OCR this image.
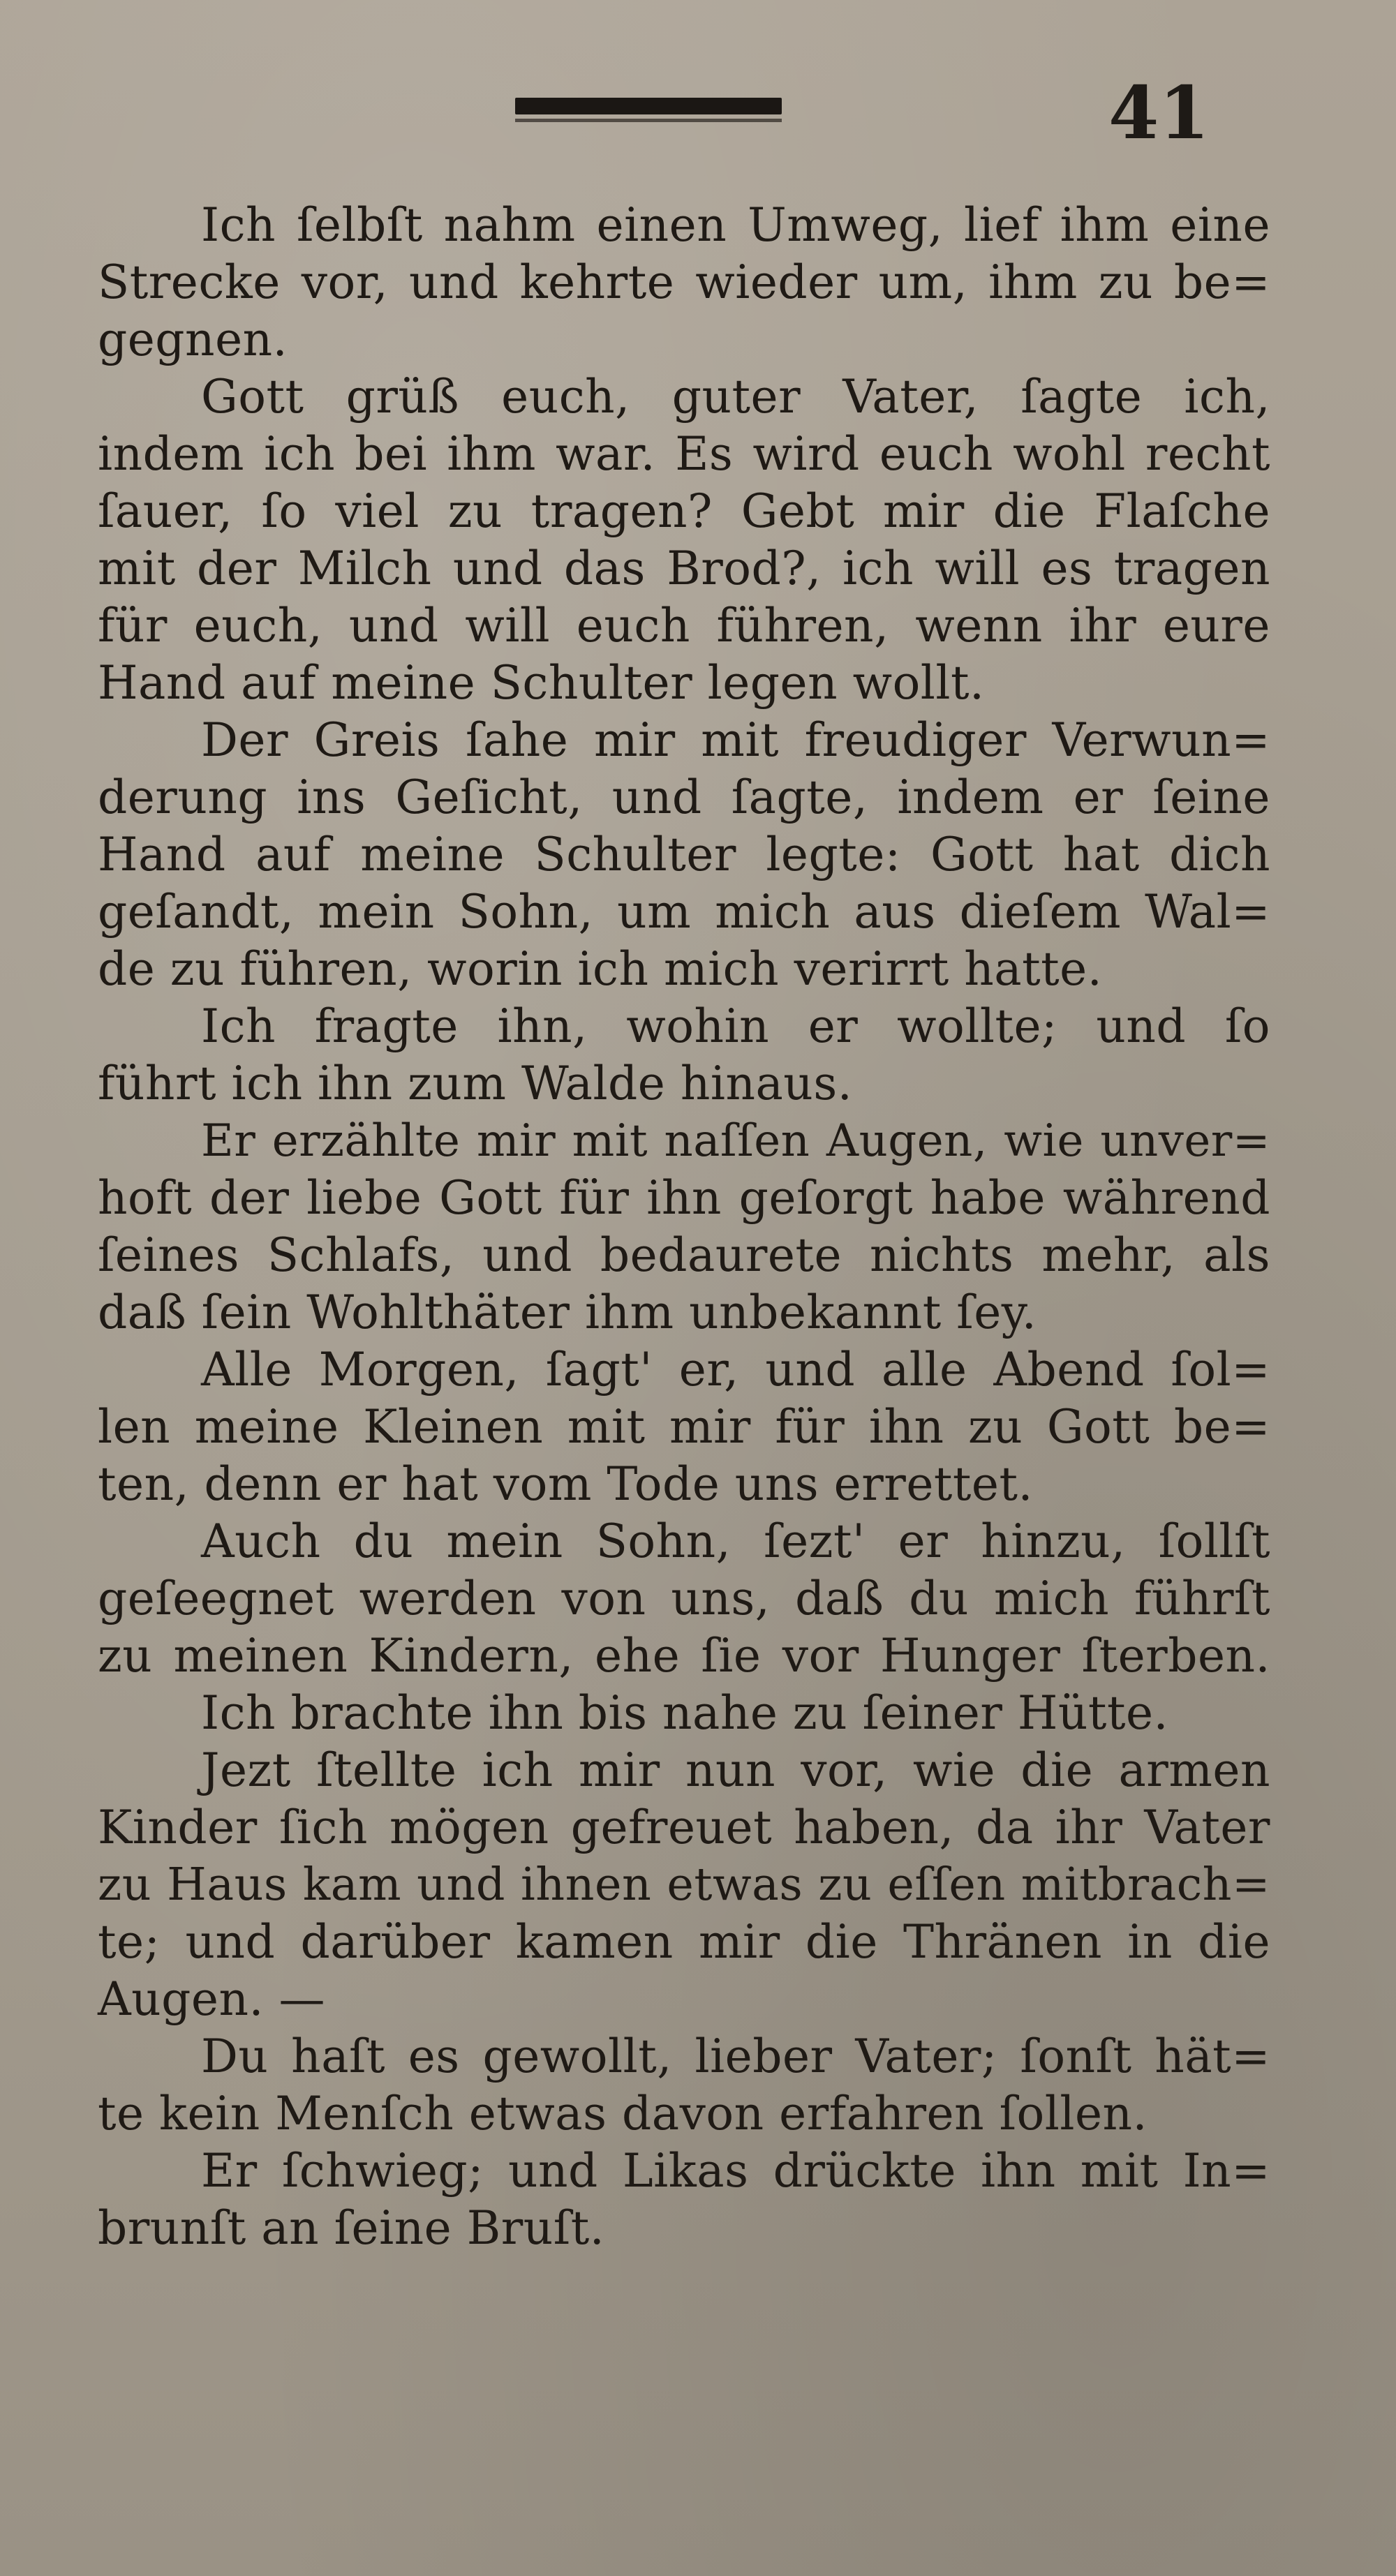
41
Ich ſelbſt nahm einen Umweg, lief ihm eine
Strecke vor, und kehrte wieder um, ihm zu be=
gegnen.
Gott grüß euch, guter Vater, ſagte ich,
indem ich bei ihm war. Es wird euch wohl recht
ſauer, ſo viel zu tragen? Gebt mir die Flaſche
mit der Milch und das Brod?, ich will es tragen
für euch, und will euch führen, wenn ihr eure
Hand auf meine Schulter legen wollt.
Der Greis ſahe mir mit freudiger Verwun=
derung ins Geſicht, und ſagte, indem er ſeine
Hand auf meine Schulter legte: Gott hat dich
geſandt, mein Sohn, um mich aus dieſem Wal=
de zu führen, worin ich mich verirrt hatte.
Ich fragte ihn, wohin er wollte; und ſo
führt ich ihn zum Walde hinaus.
Er erzählte mir mit naſſen Augen, wie unver=
hoft der liebe Gott für ihn geſorgt habe während
ſeines Schlafs, und bedaurete nichts mehr, als
daß ſein Wohlthäter ihm unbekannt ſey.
Alle Morgen, ſagt' er, und alle Abend ſol=
len meine Kleinen mit mir für ihn zu Gott be=
ten, denn er hat vom Tode uns errettet.
Auch du mein Sohn, ſezt' er hinzu, ſollſt
geſeegnet werden von uns, daß du mich führſt
zu meinen Kindern, ehe ſie vor Hunger ſterben.
Ich brachte ihn bis nahe zu ſeiner Hütte.
Jezt ſtellte ich mir nun vor, wie die armen
Kinder ſich mögen gefreuet haben, da ihr Vater
zu Haus kam und ihnen etwas zu eſſen mitbrach=
te; und darüber kamen mir die Thränen in die
Augen. —
Du haſt es gewollt, lieber Vater; ſonſt hät=
te kein Menſch etwas davon erfahren ſollen.
Er ſchwieg; und Likas drückte ihn mit In=
brunſt an ſeine Bruſt.
